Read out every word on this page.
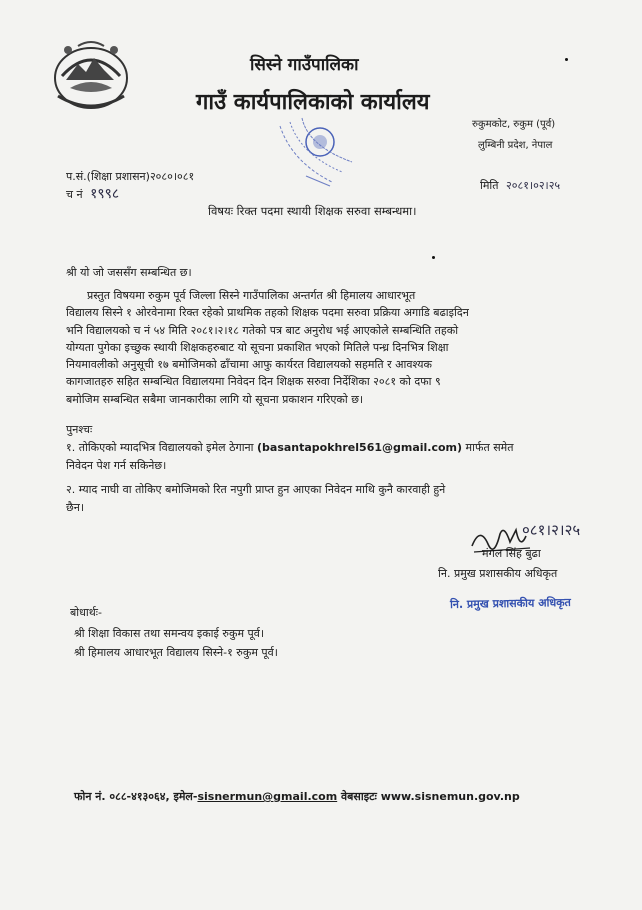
सिस्ने गाउँपालिका
गाउँ कार्यपालिकाको कार्यालय
रुकुमकोट, रुकुम (पूर्व)
लुम्बिनी प्रदेश, नेपाल
प.सं.(शिक्षा प्रशासन)२०८०।०८१
च नं १९९८
मिति २०८१।०२।२५
विषयः रिक्त पदमा स्थायी शिक्षक सरुवा सम्बन्धमा।
श्री यो जो जससँग सम्बन्धित छ।
प्रस्तुत विषयमा रुकुम पूर्व जिल्ला सिस्ने गाउँपालिका अन्तर्गत श्री हिमालय आधारभूत
विद्यालय सिस्ने १ ओरवेनामा रिक्त रहेको प्राथमिक तहको शिक्षक पदमा सरुवा प्रक्रिया अगाडि बढाइदिन
भनि विद्यालयको च नं ५४ मिति २०८१।२।१८ गतेको पत्र बाट अनुरोध भई आएकोले सम्बन्धिति तहको
योग्यता पुगेका इच्छुक स्थायी शिक्षकहरुबाट यो सूचना प्रकाशित भएको मितिले पन्ध्र दिनभित्र शिक्षा
नियमावलीको अनुसूची १७ बमोजिमको ढाँचामा आफु कार्यरत विद्यालयको सहमति र आवश्यक
कागजातहरु सहित सम्बन्धित विद्यालयमा निवेदन दिन शिक्षक सरुवा निर्देशिका २०८१ को दफा ९
बमोजिम सम्बन्धित सबैमा जानकारीका लागि यो सूचना प्रकाशन गरिएको छ।
पुनश्चः
१. तोकिएको म्यादभित्र विद्यालयको इमेल ठेगाना (basantapokhrel561@gmail.com) मार्फत समेत
निवेदन पेश गर्न सकिनेछ।
२. म्याद नाघी वा तोकिए बमोजिमको रित नपुगी प्राप्त हुन आएका निवेदन माथि कुनै कारवाही हुने
छैन।
०८१।२।२५
मंगल सिंह बुढा
नि. प्रमुख प्रशासकीय अधिकृत
नि. प्रमुख प्रशासकीय अधिकृत
बोधार्थः-
श्री शिक्षा विकास तथा समन्वय इकाई रुकुम पूर्व।
श्री हिमालय आधारभूत विद्यालय सिस्ने-१ रुकुम पूर्व।
फोन नं. ०८८-४१३०६४, इमेल-sisnermun@gmail.com वेबसाइटः www.sisnemun.gov.np
